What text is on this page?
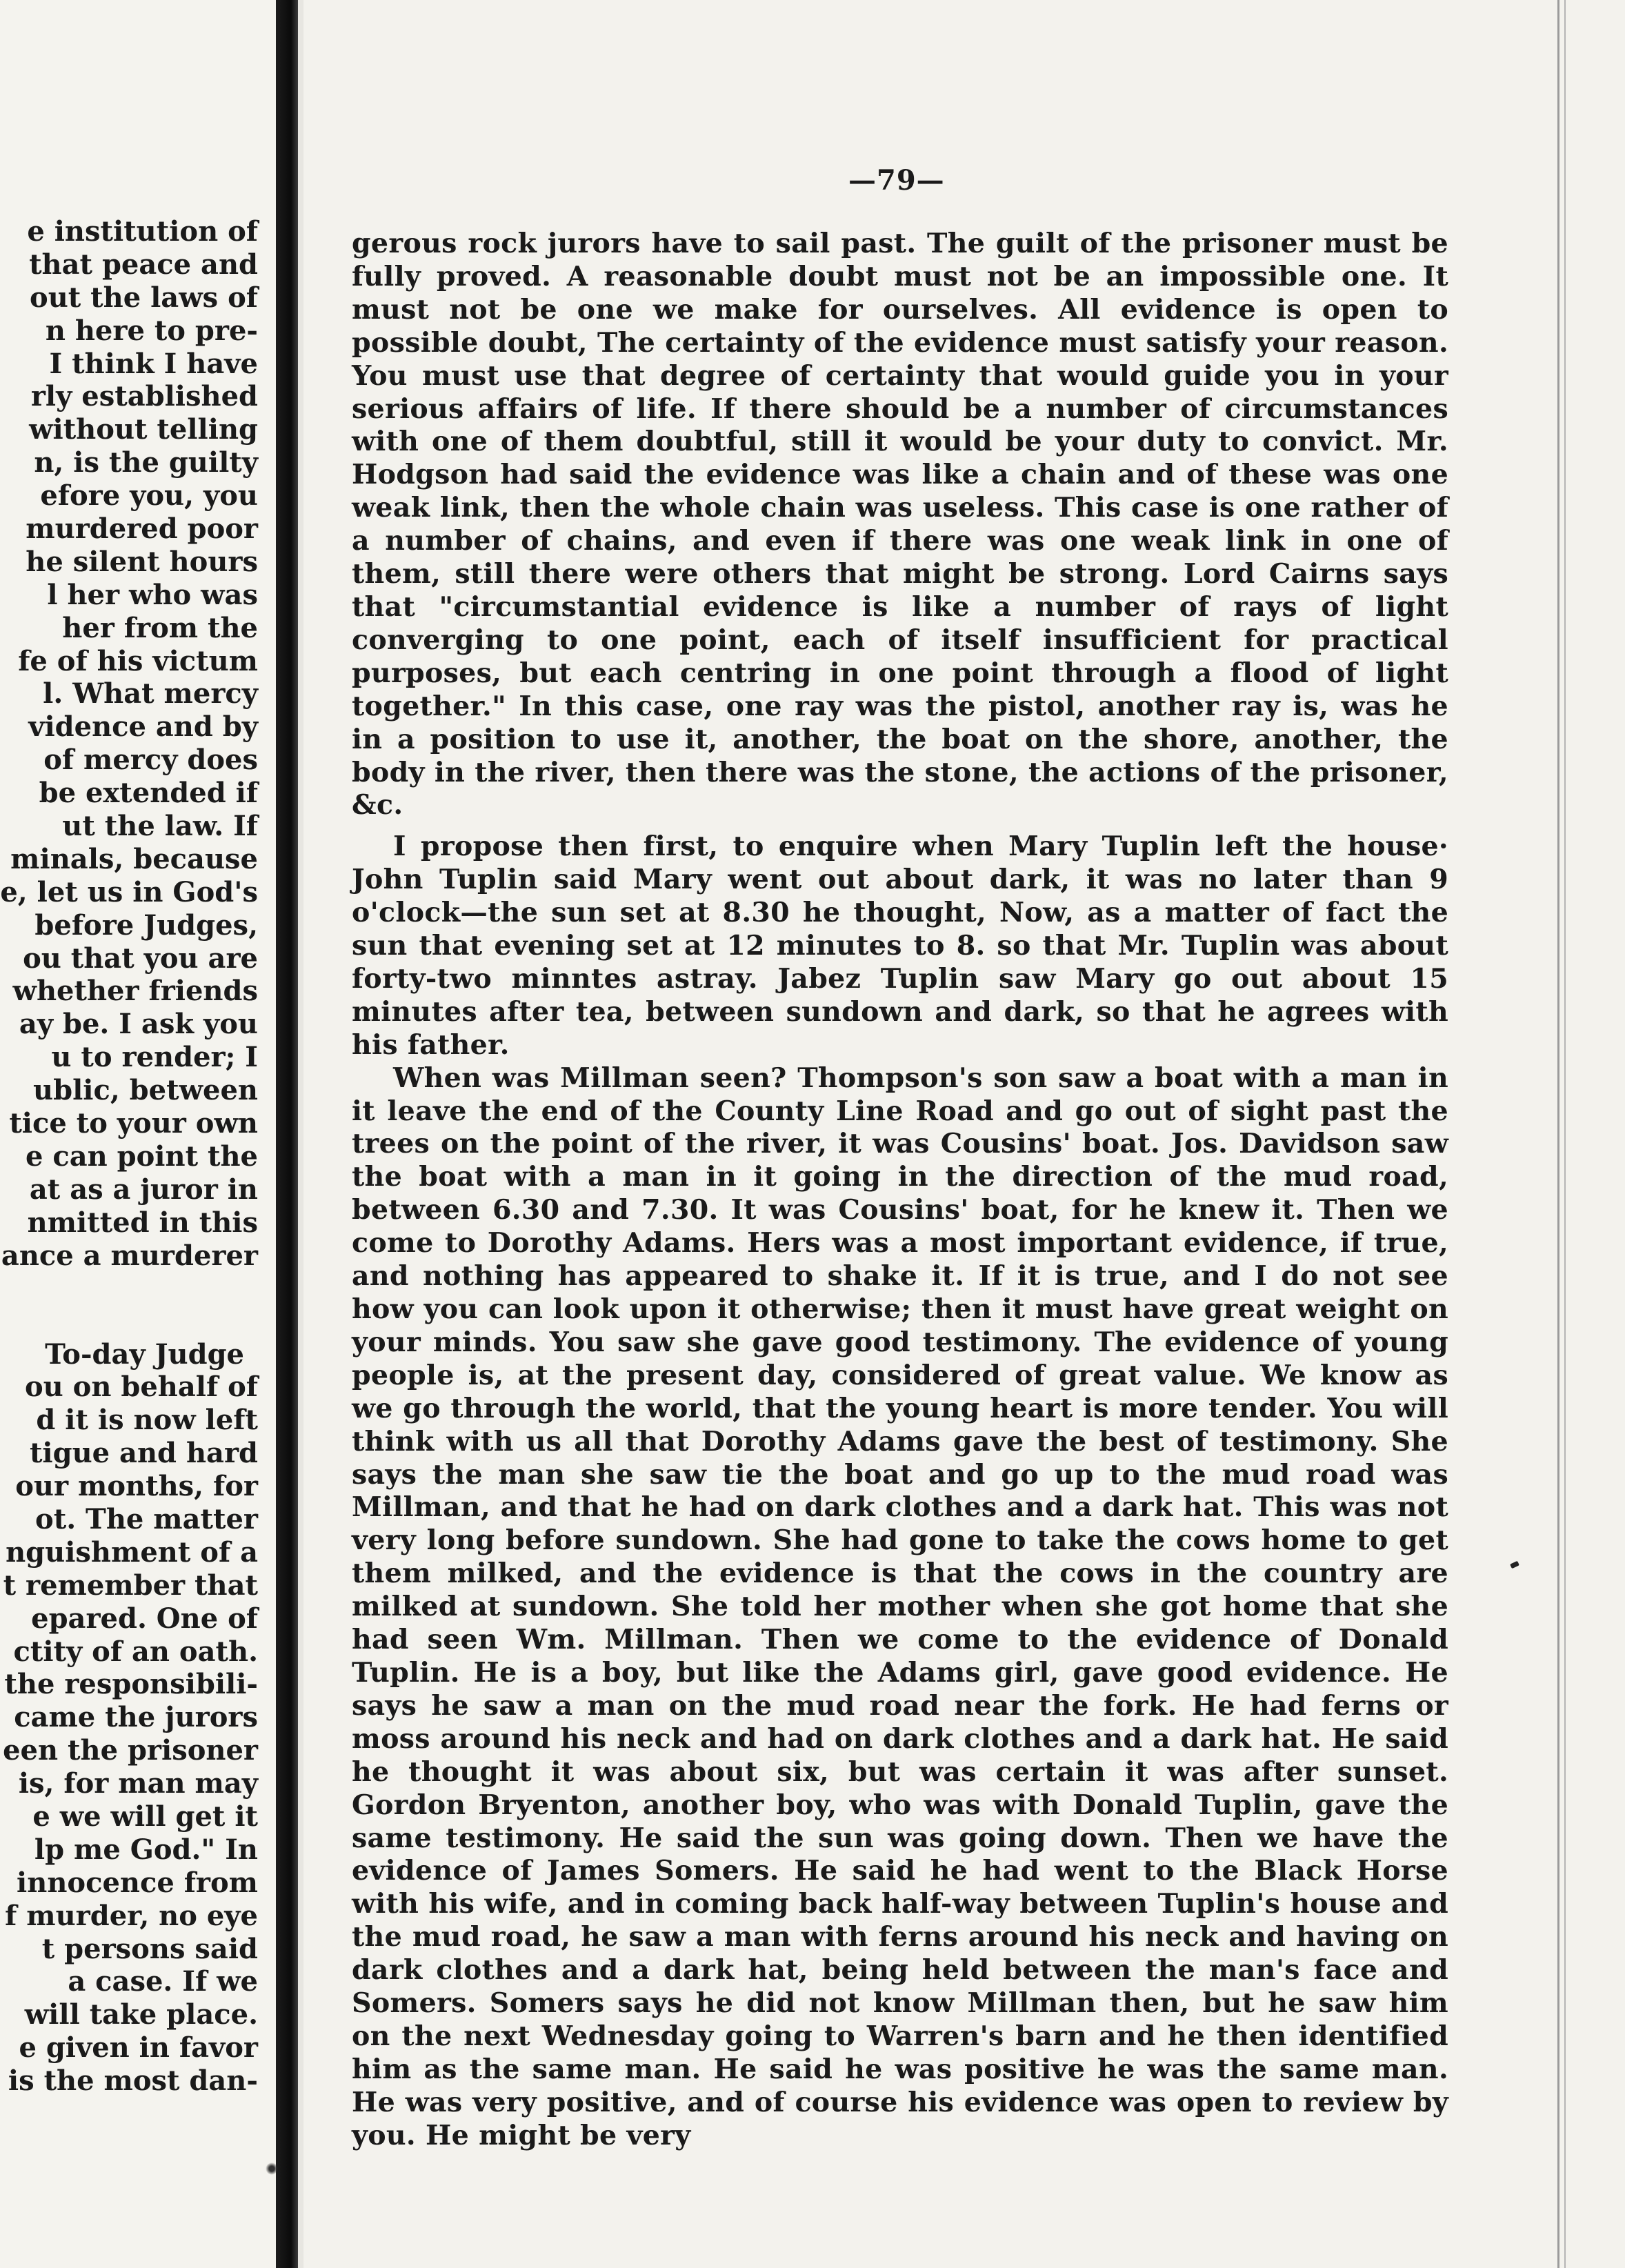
e institution of
that peace and
out the laws of
n here to pre-
I think I have
rly established
without telling
n, is the guilty
efore you, you
murdered poor
he silent hours
l her who was
her from the
fe of his victum
l. What mercy
vidence and by
of mercy does
be extended if
ut the law. If
minals, because
e, let us in God's
before Judges,
ou that you are
whether friends
ay be. I ask you
u to render; I
ublic, between
tice to your own
e can point the
at as a juror in
nmitted in this
ance a murderer
To-day Judge
ou on behalf of
d it is now left
tigue and hard
our months, for
ot. The matter
nguishment of a
t remember that
epared. One of
ctity of an oath.
the responsibili-
came the jurors
een the prisoner
is, for man may
e we will get it
lp me God." In
innocence from
f murder, no eye
t persons said
a case. If we
will take place.
e given in favor
is the most dan-
—79—

gerous rock jurors have to sail past. The guilt of the prisoner must be fully proved. A reasonable doubt must not be an impossible one. It must not be one we make for ourselves. All evidence is open to possible doubt, The certainty of the evidence must satisfy your reason. You must use that degree of certainty that would guide you in your serious affairs of life. If there should be a number of circumstances with one of them doubtful, still it would be your duty to convict. Mr. Hodgson had said the evidence was like a chain and of these was one weak link, then the whole chain was useless. This case is one rather of a number of chains, and even if there was one weak link in one of them, still there were others that might be strong. Lord Cairns says that "circumstantial evidence is like a number of rays of light converging to one point, each of itself insufficient for practical purposes, but each centring in one point through a flood of light together." In this case, one ray was the pistol, another ray is, was he in a position to use it, another, the boat on the shore, another, the body in the river, then there was the stone, the actions of the prisoner, &c.

I propose then first, to enquire when Mary Tuplin left the house· John Tuplin said Mary went out about dark, it was no later than 9 o'clock—the sun set at 8.30 he thought, Now, as a matter of fact the sun that evening set at 12 minutes to 8. so that Mr. Tuplin was about forty-two minntes astray. Jabez Tuplin saw Mary go out about 15 minutes after tea, between sundown and dark, so that he agrees with his father.

When was Millman seen? Thompson's son saw a boat with a man in it leave the end of the County Line Road and go out of sight past the trees on the point of the river, it was Cousins' boat. Jos. Davidson saw the boat with a man in it going in the direction of the mud road, between 6.30 and 7.30. It was Cousins' boat, for he knew it. Then we come to Dorothy Adams. Hers was a most important evidence, if true, and nothing has appeared to shake it. If it is true, and I do not see how you can look upon it otherwise; then it must have great weight on your minds. You saw she gave good testimony. The evidence of young people is, at the present day, considered of great value. We know as we go through the world, that the young heart is more tender. You will think with us all that Dorothy Adams gave the best of testimony. She says the man she saw tie the boat and go up to the mud road was Millman, and that he had on dark clothes and a dark hat. This was not very long before sundown. She had gone to take the cows home to get them milked, and the evidence is that the cows in the country are milked at sundown. She told her mother when she got home that she had seen Wm. Millman. Then we come to the evidence of Donald Tuplin. He is a boy, but like the Adams girl, gave good evidence. He says he saw a man on the mud road near the fork. He had ferns or moss around his neck and had on dark clothes and a dark hat. He said he thought it was about six, but was certain it was after sunset. Gordon Bryenton, another boy, who was with Donald Tuplin, gave the same testimony. He said the sun was going down. Then we have the evidence of James Somers. He said he had went to the Black Horse with his wife, and in coming back half-way between Tuplin's house and the mud road, he saw a man with ferns around his neck and having on dark clothes and a dark hat, being held between the man's face and Somers. Somers says he did not know Millman then, but he saw him on the next Wednesday going to Warren's barn and he then identified him as the same man. He said he was positive he was the same man. He was very positive, and of course his evidence was open to review by you. He might be very
